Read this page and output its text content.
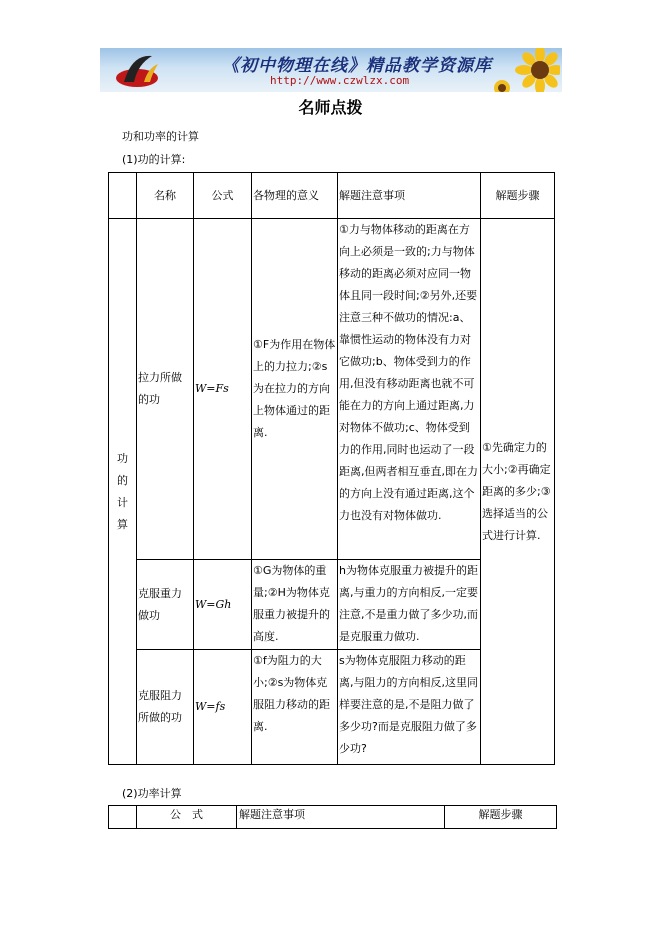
《初中物理在线》精品教学资源库
http://www.czwlzx.com
名师点拨
功和功率的计算
(1)功的计算:
	名称	公式	各物理的意义	解题注意事项	解题步骤

功
的
计
算	拉力所做的功	W=Fs	①F为作用在物体上的力拉力;②s为在拉力的方向上物体通过的距离.	①力与物体移动的距离在方向上必须是一致的;力与物体移动的距离必须对应同一物体且同一段时间;②另外,还要注意三种不做功的情况:a、靠惯性运动的物体没有力对它做功;b、物体受到力的作用,但没有移动距离也就不可能在力的方向上通过距离,力对物体不做功;c、物体受到力的作用,同时也运动了一段距离,但两者相互垂直,即在力的方向上没有通过距离,这个力也没有对物体做功.	①先确定力的大小;②再确定距离的多少;③选择适当的公式进行计算.
	克服重力做功	W=Gh	①G为物体的重量;②H为物体克服重力被提升的高度.	h为物体克服重力被提升的距离,与重力的方向相反,一定要注意,不是重力做了多少功,而是克服重力做功.	
	克服阻力所做的功	W=fs	①f为阻力的大小;②s为物体克服阻力移动的距离.	s为物体克服阻力移动的距离,与阻力的方向相反,这里同样要注意的是,不是阻力做了多少功?而是克服阻力做了多少功?	
(2)功率计算
	公　式	解题注意事项	解题步骤
